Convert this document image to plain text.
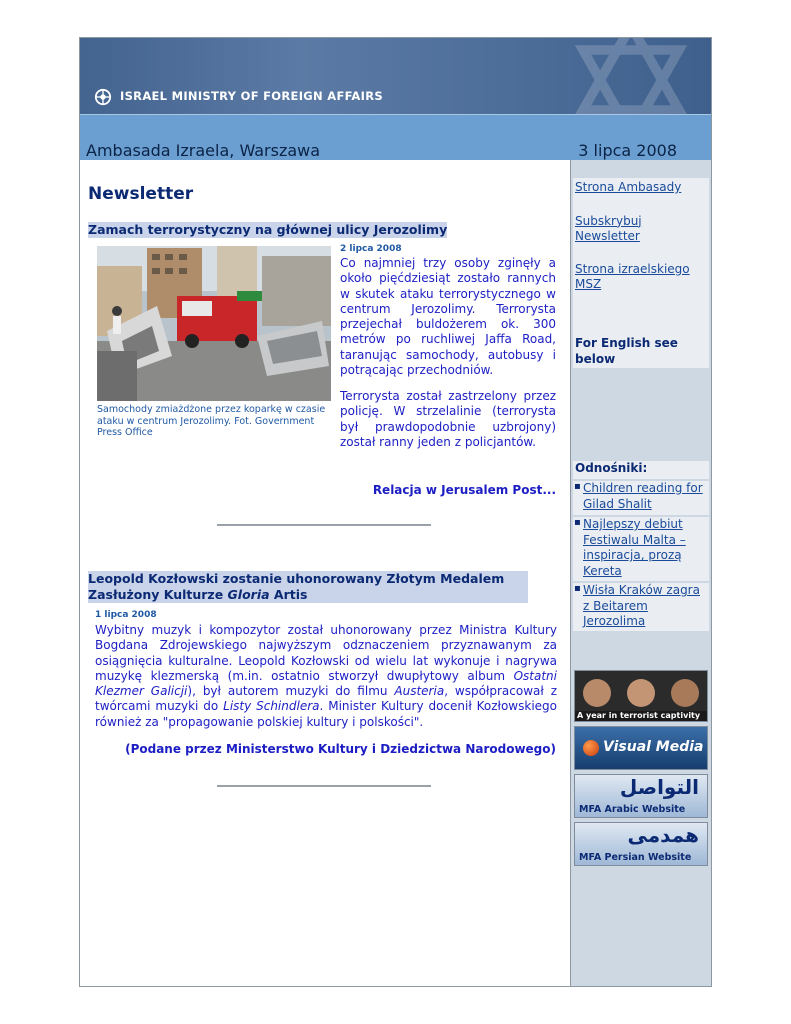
ISRAEL MINISTRY OF FOREIGN AFFAIRS
Ambasada Izraela, Warszawa	3 lipca 2008
Newsletter
Zamach terrorystyczny na głównej ulicy Jerozolimy
Samochody zmiażdżone przez koparkę w czasie ataku w centrum Jerozolimy. Fot. Government Press Office
2 lipca 2008
Co najmniej trzy osoby zginęły a około pięćdziesiąt zostało rannych w skutek ataku terrorystycznego w centrum Jerozolimy. Terrorysta przejechał buldożerem ok. 300 metrów po ruchliwej Jaffa Road, taranując samochody, autobusy i potrącając przechodniów.
Terrorysta został zastrzelony przez policję. W strzelalinie (terrorysta był prawdopodobnie uzbrojony) został ranny jeden z policjantów.
Relacja w Jerusalem Post...
Leopold Kozłowski zostanie uhonorowany Złotym Medalem Zasłużony Kulturze Gloria Artis
1 lipca 2008
Wybitny muzyk i kompozytor został uhonorowany przez Ministra Kultury Bogdana Zdrojewskiego najwyższym odznaczeniem przyznawanym za osiągnięcia kulturalne. Leopold Kozłowski od wielu lat wykonuje i nagrywa muzykę klezmerską (m.in. ostatnio stworzył dwupłytowy album Ostatni Klezmer Galicji), był autorem muzyki do filmu Austeria, współpracował z twórcami muzyki do Listy Schindlera. Minister Kultury docenił Kozłowskiego również za "propagowanie polskiej kultury i polskości".
(Podane przez Ministerstwo Kultury i Dziedzictwa Narodowego)
Strona Ambasady
Subskrybuj Newsletter
Strona izraelskiego MSZ
For English see below
Odnośniki:
▪ Children reading for Gilad Shalit
▪ Najlepszy debiut Festiwalu Malta – inspiracja, prozą Kereta
▪ Wisła Kraków zagra z Beitarem Jerozolima
A year in terrorist captivity
Visual Media
التواصل
MFA Arabic Website
همدمی
MFA Persian Website
